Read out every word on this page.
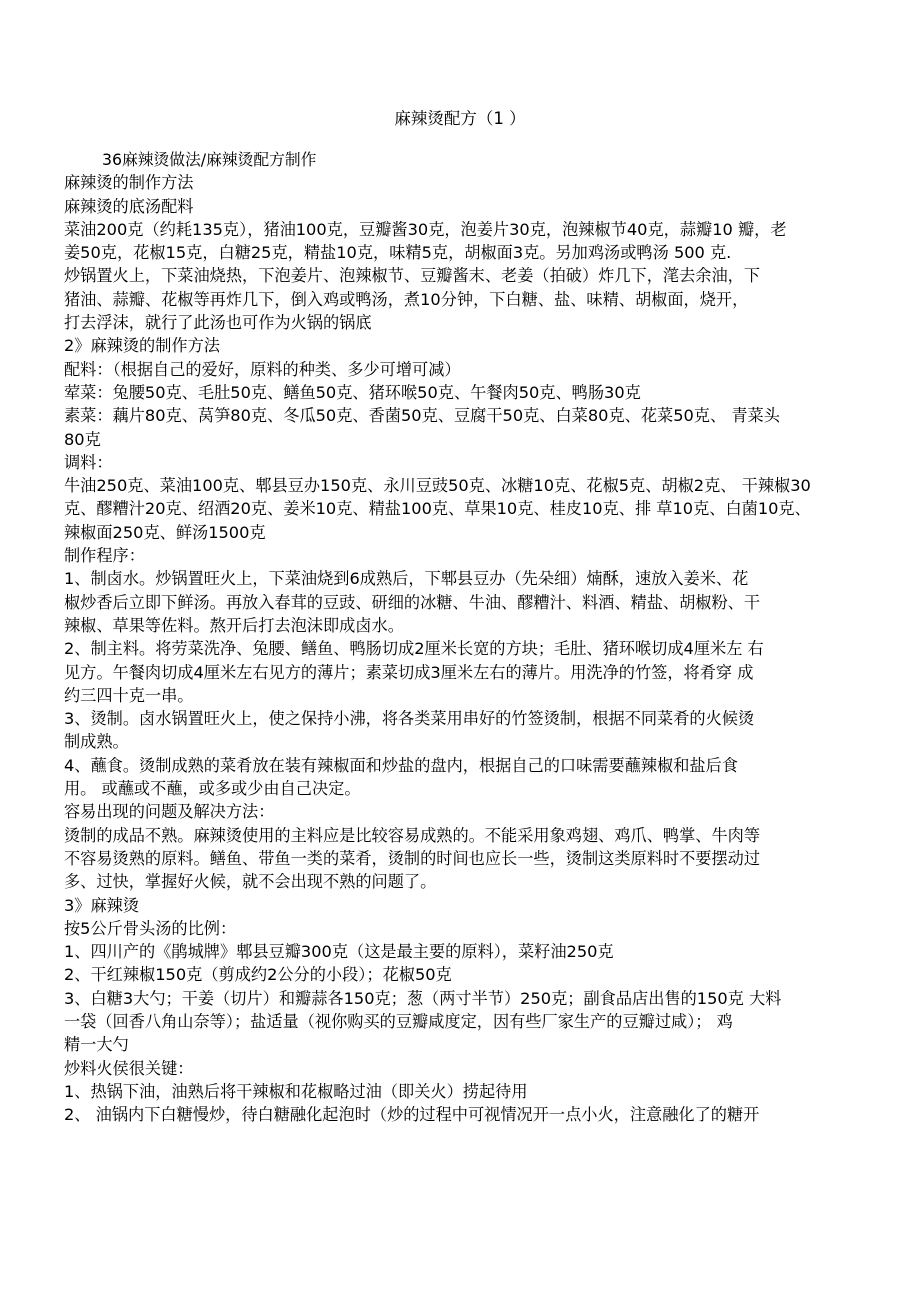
麻辣烫配方（1 ）

36麻辣烫做法/麻辣烫配方制作

麻辣烫的制作方法

麻辣烫的底汤配料

菜油200克（约耗135克），猪油100克，豆瓣酱30克，泡姜片30克，泡辣椒节40克，蒜瓣10 瓣，老

姜50克，花椒15克，白糖25克，精盐10克，味精5克，胡椒面3克。另加鸡汤或鸭汤 500 克.

炒锅置火上，下菜油烧热，下泡姜片、泡辣椒节、豆瓣酱末、老姜（拍破）炸几下，滗去余油，下

猪油、蒜瓣、花椒等再炸几下，倒入鸡或鸭汤，煮10分钟，下白糖、盐、味精、胡椒面，烧开，

打去浮沫，就行了此汤也可作为火锅的锅底

2》麻辣烫的制作方法

配料：（根据自己的爱好，原料的种类、多少可增可减）

荤菜：兔腰50克、毛肚50克、鳝鱼50克、猪环喉50克、午餐肉50克、鸭肠30克

素菜：藕片80克、莴笋80克、冬瓜50克、香菌50克、豆腐干50克、白菜80克、花菜50克、 青菜头

80克

调料：

牛油250克、菜油100克、郫县豆办150克、永川豆豉50克、冰糖10克、花椒5克、胡椒2克、 干辣椒30

克、醪糟汁20克、绍酒20克、姜米10克、精盐100克、草果10克、桂皮10克、排 草10克、白菌10克、

辣椒面250克、鲜汤1500克

制作程序：

1、制卤水。炒锅置旺火上，下菜油烧到6成熟后，下郫县豆办（先朵细）煵酥，速放入姜米、花

椒炒香后立即下鲜汤。再放入春茸的豆豉、研细的冰糖、牛油、醪糟汁、料酒、精盐、胡椒粉、干

辣椒、草果等佐料。熬开后打去泡沫即成卤水。

2、制主料。将劳菜洗净、兔腰、鳝鱼、鸭肠切成2厘米长宽的方块；毛肚、猪环喉切成4厘米左 右

见方。午餐肉切成4厘米左右见方的薄片；素菜切成3厘米左右的薄片。用洗净的竹签，将肴穿 成

约三四十克一串。

3、烫制。卤水锅置旺火上，使之保持小沸，将各类菜用串好的竹签烫制，根据不同菜肴的火候烫

制成熟。

4、蘸食。烫制成熟的菜肴放在装有辣椒面和炒盐的盘内，根据自己的口味需要蘸辣椒和盐后食

用。 或蘸或不蘸，或多或少由自己决定。

容易出现的问题及解决方法：

烫制的成品不熟。麻辣烫使用的主料应是比较容易成熟的。不能采用象鸡翅、鸡爪、鸭掌、牛肉等

不容易烫熟的原料。鳝鱼、带鱼一类的菜肴，烫制的时间也应长一些，烫制这类原料时不要摆动过

多、过快，掌握好火候，就不会出现不熟的问题了。

3》麻辣烫

按5公斤骨头汤的比例：

1、四川产的《鹃城牌》郫县豆瓣300克（这是最主要的原料），菜籽油250克

2、干红辣椒150克（剪成约2公分的小段）；花椒50克

3、白糖3大勺；干姜（切片）和瓣蒜各150克；葱（两寸半节）250克；副食品店出售的150克 大料

一袋（回香八角山奈等）；盐适量（视你购买的豆瓣咸度定，因有些厂家生产的豆瓣过咸）； 鸡

精一大勺

炒料火侯很关键：

1、热锅下油，油熟后将干辣椒和花椒略过油（即关火）捞起待用

2、 油锅内下白糖慢炒，待白糖融化起泡时（炒的过程中可视情况开一点小火，注意融化了的糖开
